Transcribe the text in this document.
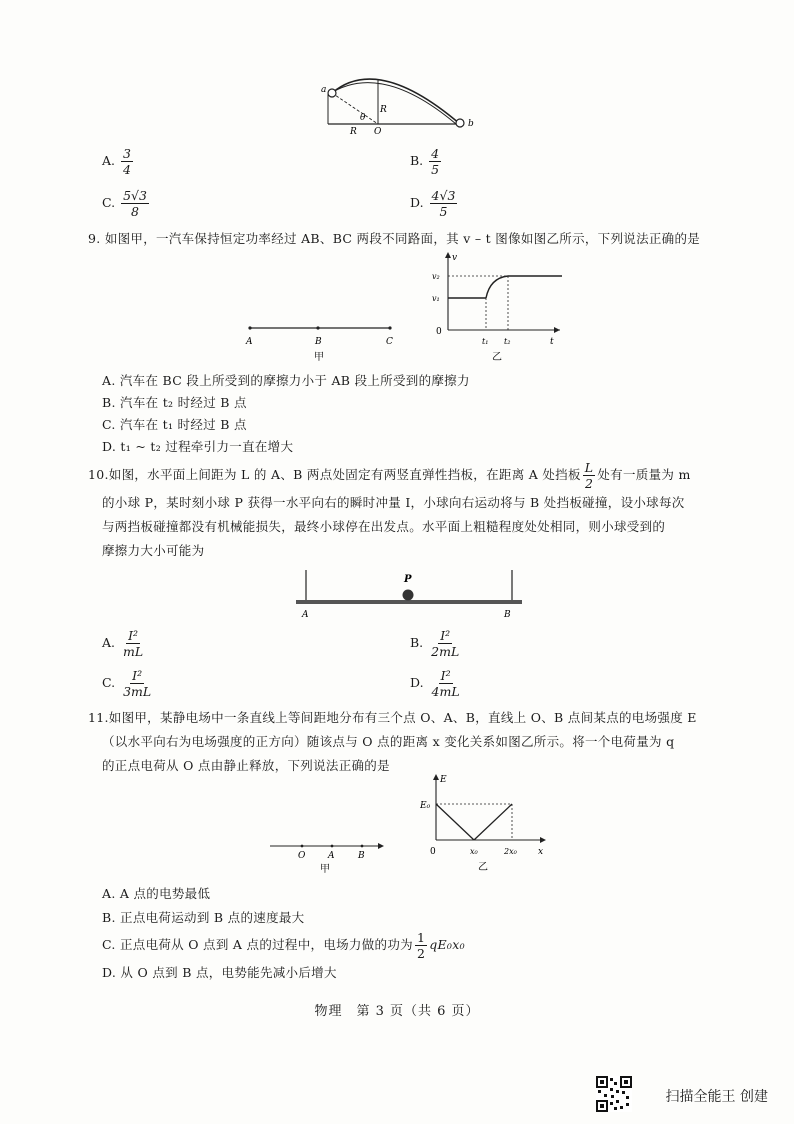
a
b
R
θ
R O
A. $\frac{3}{4}$	B. $\frac{4}{5}$
C. $\frac{5√3}{8}$	D. $\frac{4√3}{5}$

9. 如图甲，一汽车保持恒定功率经过 AB、BC 两段不同路面，其 v – t 图像如图乙所示，下列说法正确的是

A	B	C
甲
v
v₂
v₁
0
t₁ t₂	t
乙

A. 汽车在 BC 段上所受到的摩擦力小于 AB 段上所受到的摩擦力

B. 汽车在 t₂ 时经过 B 点

C. 汽车在 t₁ 时经过 B 点

D. t₁ ~ t₂ 过程牵引力一直在增大

10.如图，水平面上间距为 L 的 A、B 两点处固定有两竖直弹性挡板，在距离 A 处挡板 $\frac{L}{2}$ 处有一质量为 m

的小球 P，某时刻小球 P 获得一水平向右的瞬时冲量 I，小球向右运动将与 B 处挡板碰撞，设小球每次

与两挡板碰撞都没有机械能损失，最终小球停在出发点。水平面上粗糙程度处处相同，则小球受到的

摩擦力大小可能为

P
A	B
A. $\frac{\text{I²}}{mL}$	B. $\frac{\text{I²}}{2mL}$
C. $\frac{\text{I²}}{3mL}$	D. $\frac{\text{I²}}{4mL}$

11.如图甲，某静电场中一条直线上等间距地分布有三个点 O、A、B，直线上 O、B 点间某点的电场强度 E

（以水平向右为电场强度的正方向）随该点与 O 点的距离 x 变化关系如图乙所示。将一个电荷量为 q

的正点电荷从 O 点由静止释放，下列说法正确的是

O	A	B
甲
E
E₀
0	x₀	2x₀ x
乙

A. A 点的电势最低

B. 正点电荷运动到 B 点的速度最大

C. 正点电荷从 O 点到 A 点的过程中，电场力做的功为 $\frac{1}{2} qE_0x_0$

D. 从 O 点到 B 点，电势能先减小后增大

物理　第 3 页（共 6 页）
扫描全能王 创建
